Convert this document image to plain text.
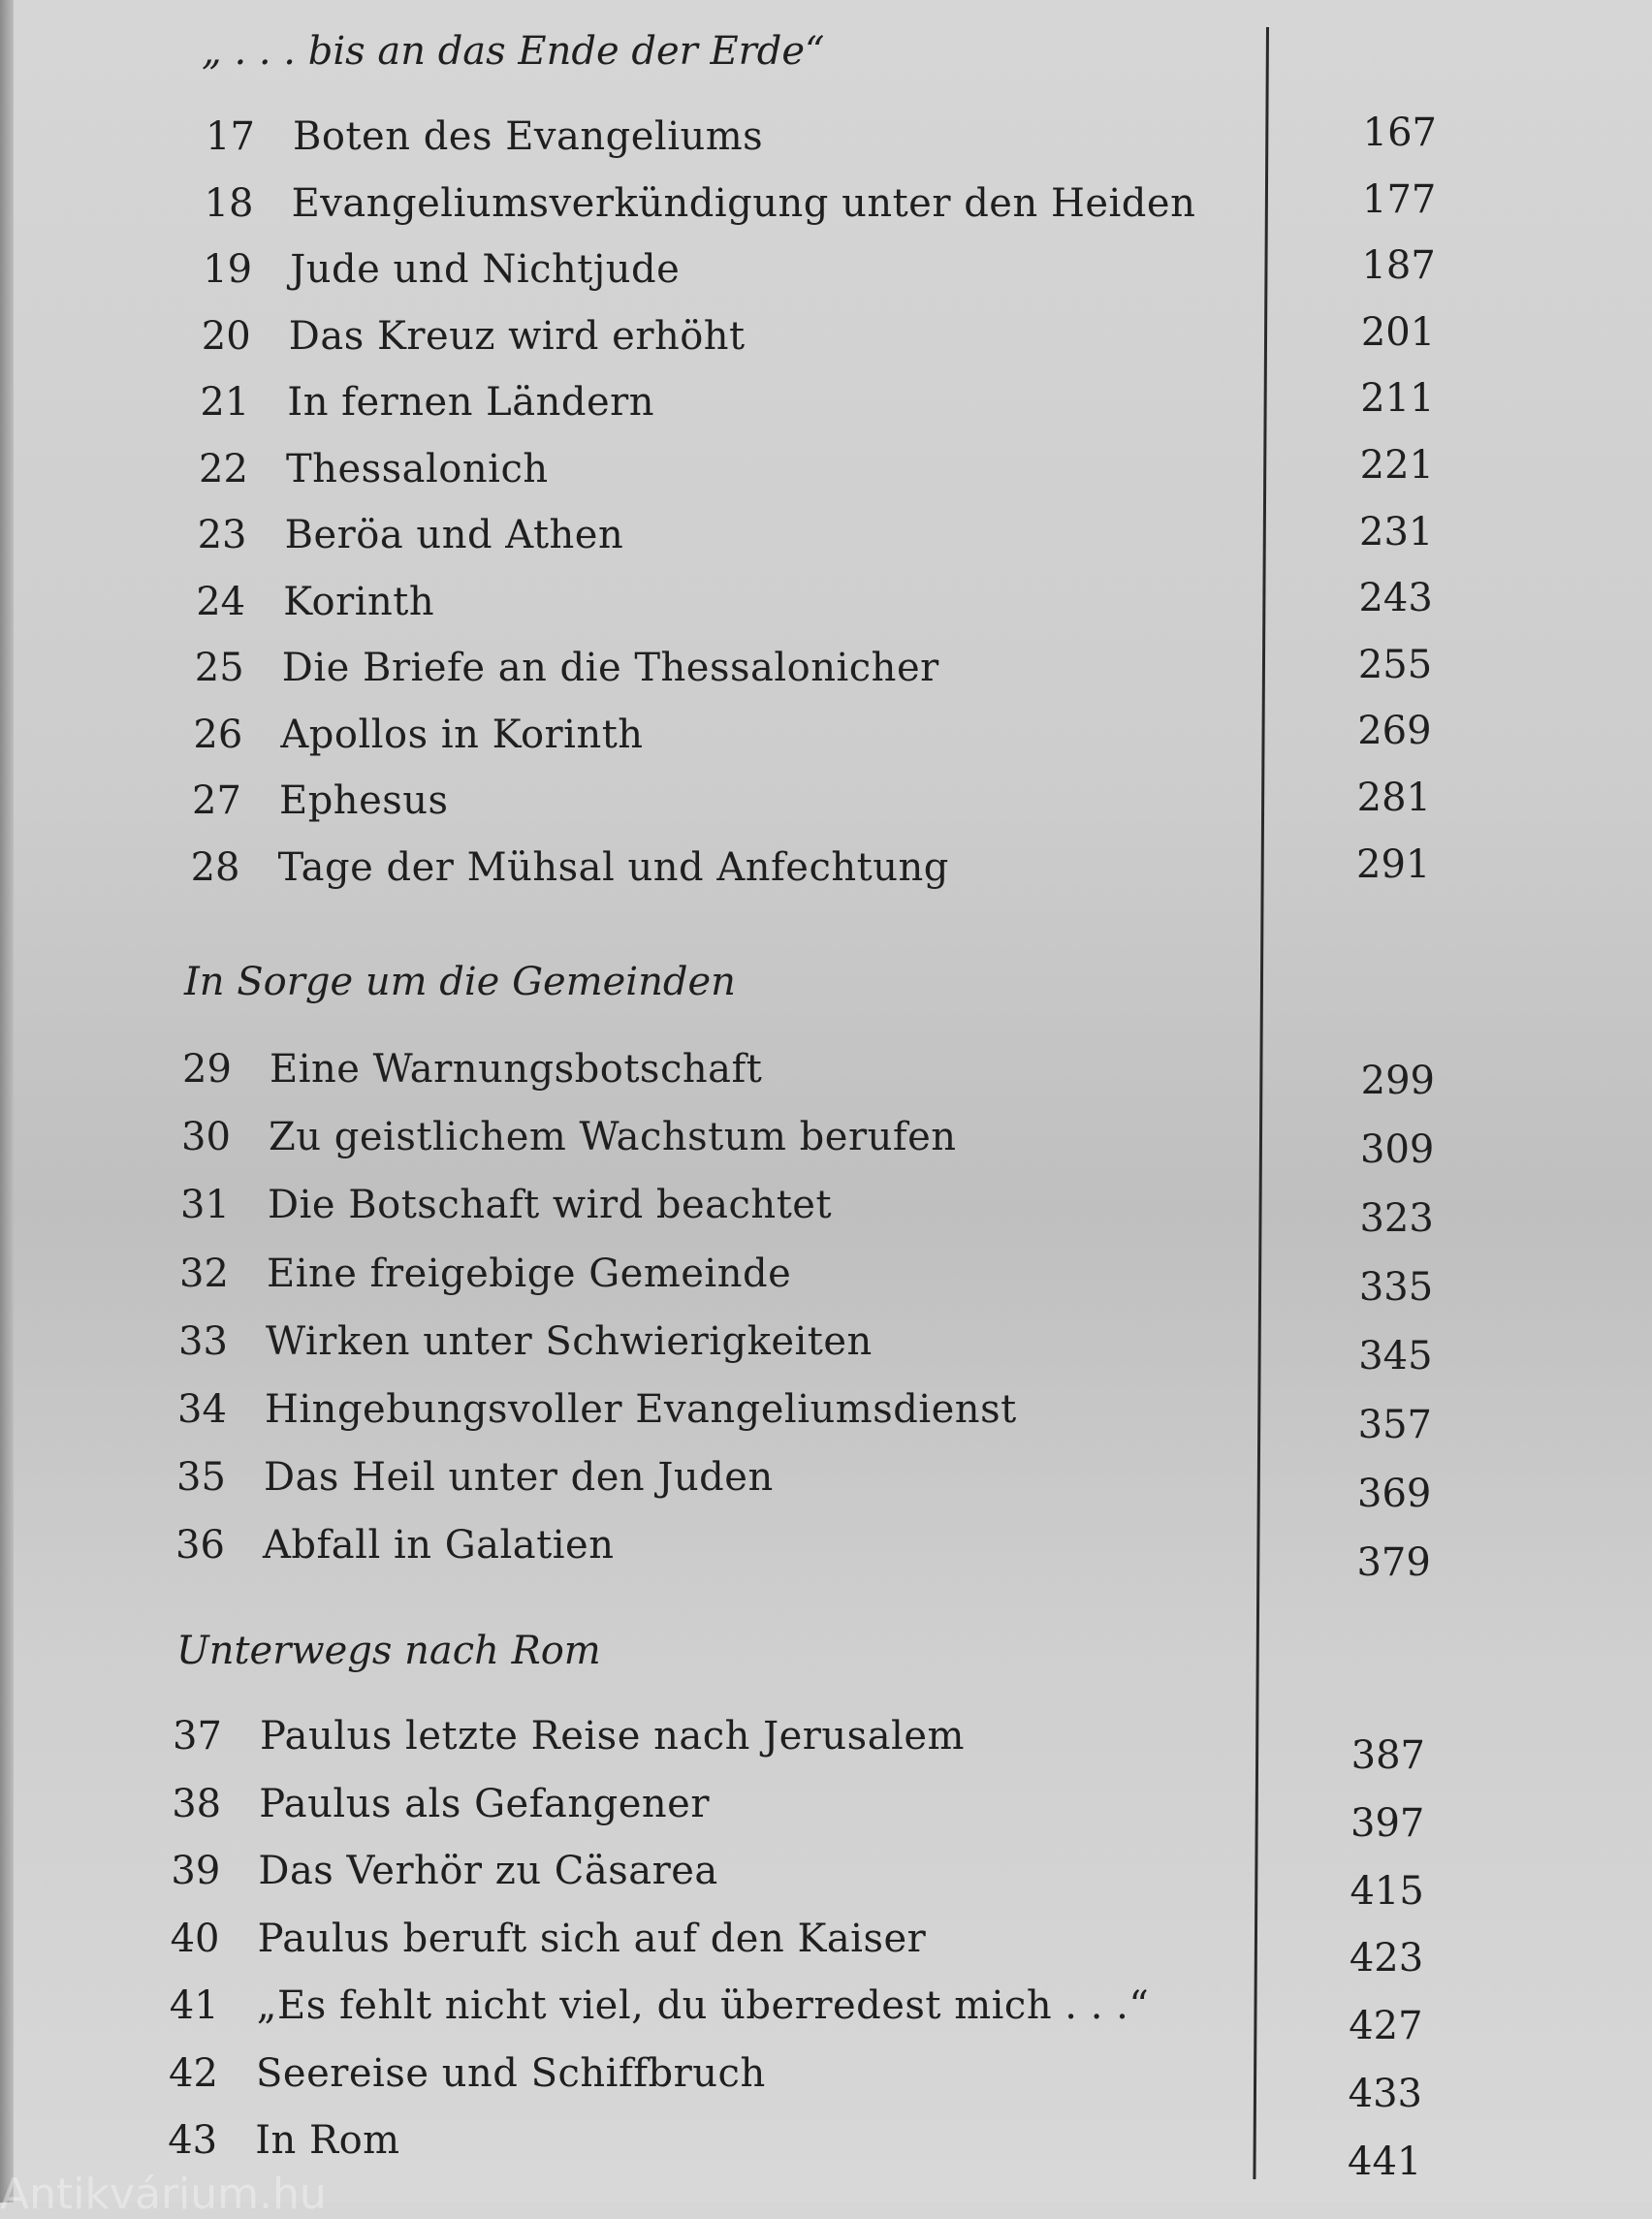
„ . . . bis an das Ende der Erde“
17 Boten des Evangeliums	167
18 Evangeliumsverkündigung unter den Heiden	177
19 Jude und Nichtjude	187
20 Das Kreuz wird erhöht	201
21 In fernen Ländern	211
22 Thessalonich	221
23 Beröa und Athen	231
24 Korinth	243
25 Die Briefe an die Thessalonicher	255
26 Apollos in Korinth	269
27 Ephesus	281
28 Tage der Mühsal und Anfechtung	291
In Sorge um die Gemeinden
29 Eine Warnungsbotschaft	299
30 Zu geistlichem Wachstum berufen	309
31 Die Botschaft wird beachtet	323
32 Eine freigebige Gemeinde	335
33 Wirken unter Schwierigkeiten	345
34 Hingebungsvoller Evangeliumsdienst	357
35 Das Heil unter den Juden	369
36 Abfall in Galatien	379
Unterwegs nach Rom
37 Paulus letzte Reise nach Jerusalem	387
38 Paulus als Gefangener	397
39 Das Verhör zu Cäsarea	415
40 Paulus beruft sich auf den Kaiser	423
41 „Es fehlt nicht viel, du überredest mich . . .“	427
42 Seereise und Schiffbruch	433
43 In Rom	441
Antikvárium.hu
